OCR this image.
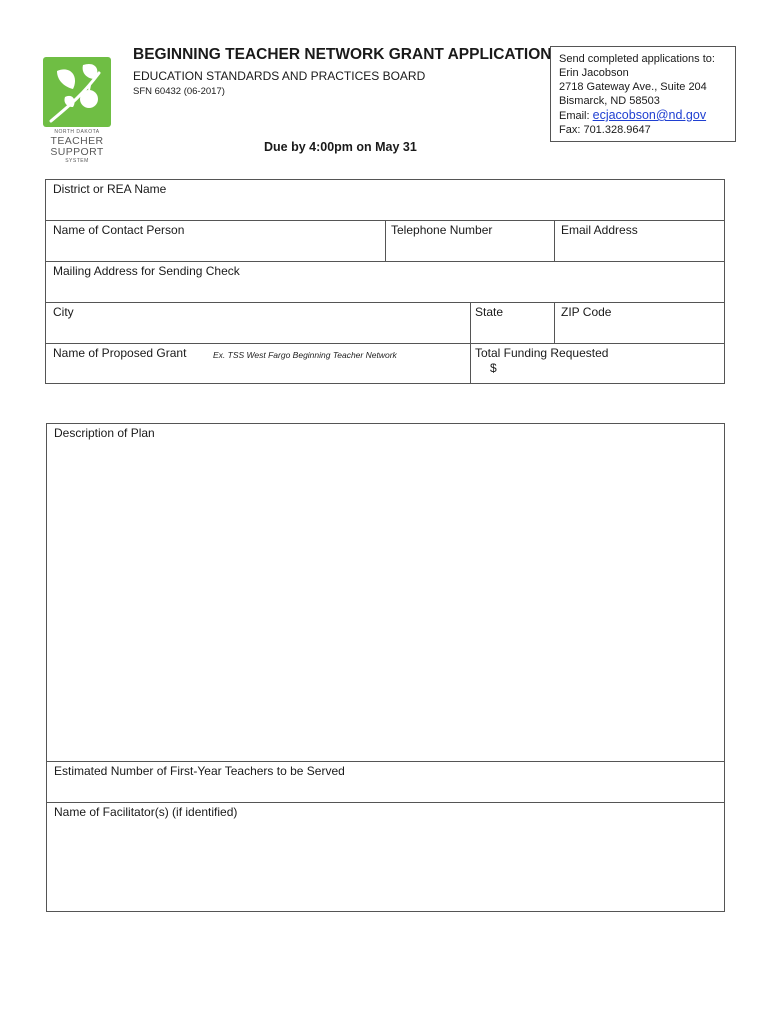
NORTH DAKOTA
TEACHER
SUPPORT
SYSTEM
BEGINNING TEACHER NETWORK GRANT APPLICATION
EDUCATION STANDARDS AND PRACTICES BOARD
SFN 60432 (06-2017)
Due by 4:00pm on May 31
Send completed applications to:
Erin Jacobson
2718 Gateway Ave., Suite 204
Bismarck, ND 58503
Email: ecjacobson@nd.gov
Fax: 701.328.9647
District or REA Name
Name of Contact Person	Telephone Number	Email Address
Mailing Address for Sending Check
City	State	ZIP Code
Name of Proposed Grant	Ex. TSS West Fargo Beginning Teacher Network	Total Funding Requested
$
Description of Plan
Estimated Number of First-Year Teachers to be Served
Name of Facilitator(s) (if identified)
